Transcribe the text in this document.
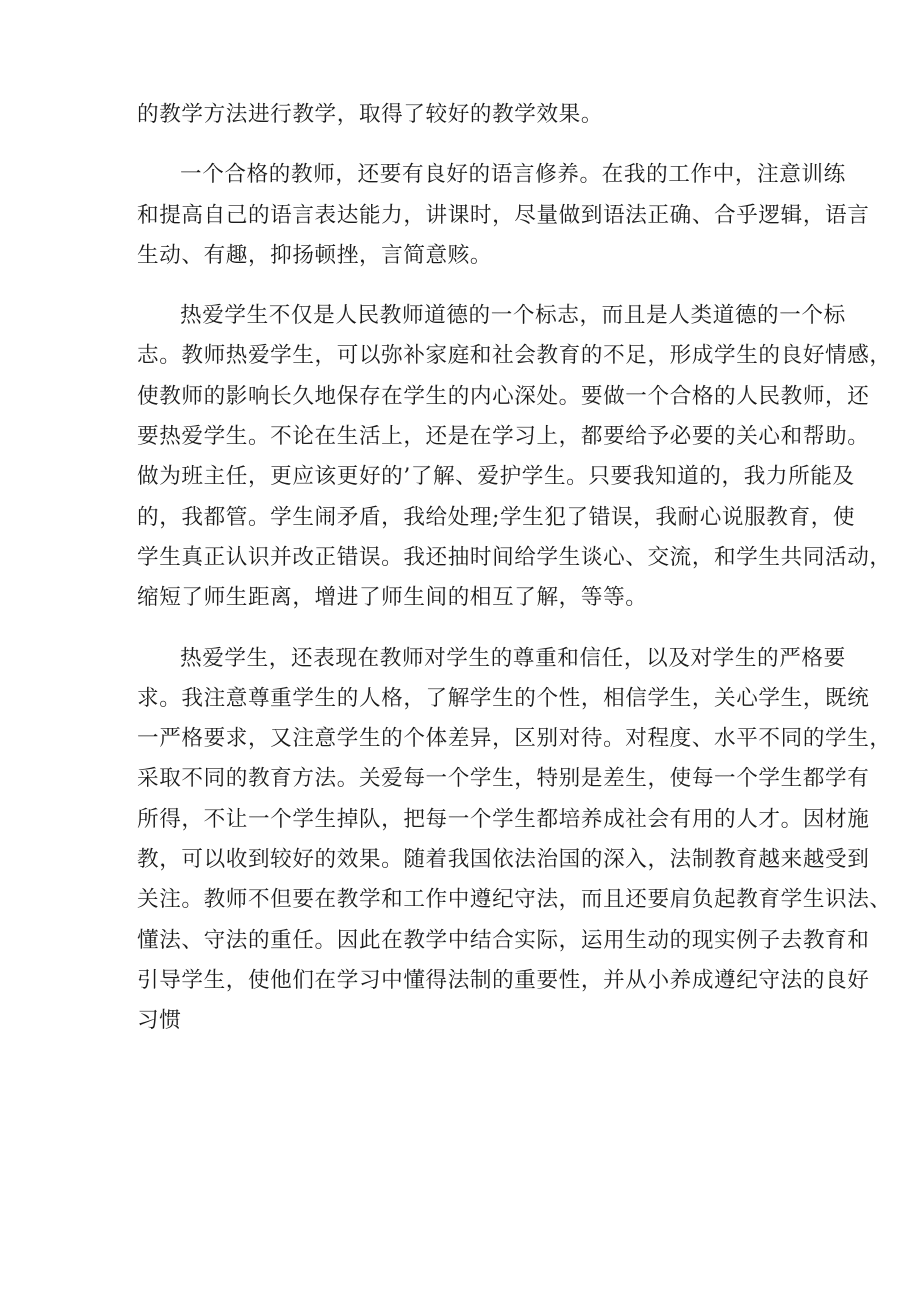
的教学方法进行教学，取得了较好的教学效果。
一个合格的教师，还要有良好的语言修养。在我的工作中，注意训练
和提高自己的语言表达能力，讲课时，尽量做到语法正确、合乎逻辑，语言
生动、有趣，抑扬顿挫，言简意赅。
热爱学生不仅是人民教师道德的一个标志，而且是人类道德的一个标
志。教师热爱学生，可以弥补家庭和社会教育的不足，形成学生的良好情感，
使教师的影响长久地保存在学生的内心深处。要做一个合格的人民教师，还
要热爱学生。不论在生活上，还是在学习上，都要给予必要的关心和帮助。
做为班主任，更应该更好的’了解、爱护学生。只要我知道的，我力所能及
的，我都管。学生闹矛盾，我给处理;学生犯了错误，我耐心说服教育，使
学生真正认识并改正错误。我还抽时间给学生谈心、交流，和学生共同活动，
缩短了师生距离，增进了师生间的相互了解，等等。
热爱学生，还表现在教师对学生的尊重和信任，以及对学生的严格要
求。我注意尊重学生的人格，了解学生的个性，相信学生，关心学生，既统
一严格要求，又注意学生的个体差异，区别对待。对程度、水平不同的学生，
采取不同的教育方法。关爱每一个学生，特别是差生，使每一个学生都学有
所得，不让一个学生掉队，把每一个学生都培养成社会有用的人才。因材施
教，可以收到较好的效果。随着我国依法治国的深入，法制教育越来越受到
关注。教师不但要在教学和工作中遵纪守法，而且还要肩负起教育学生识法、
懂法、守法的重任。因此在教学中结合实际，运用生动的现实例子去教育和
引导学生，使他们在学习中懂得法制的重要性，并从小养成遵纪守法的良好
习惯
